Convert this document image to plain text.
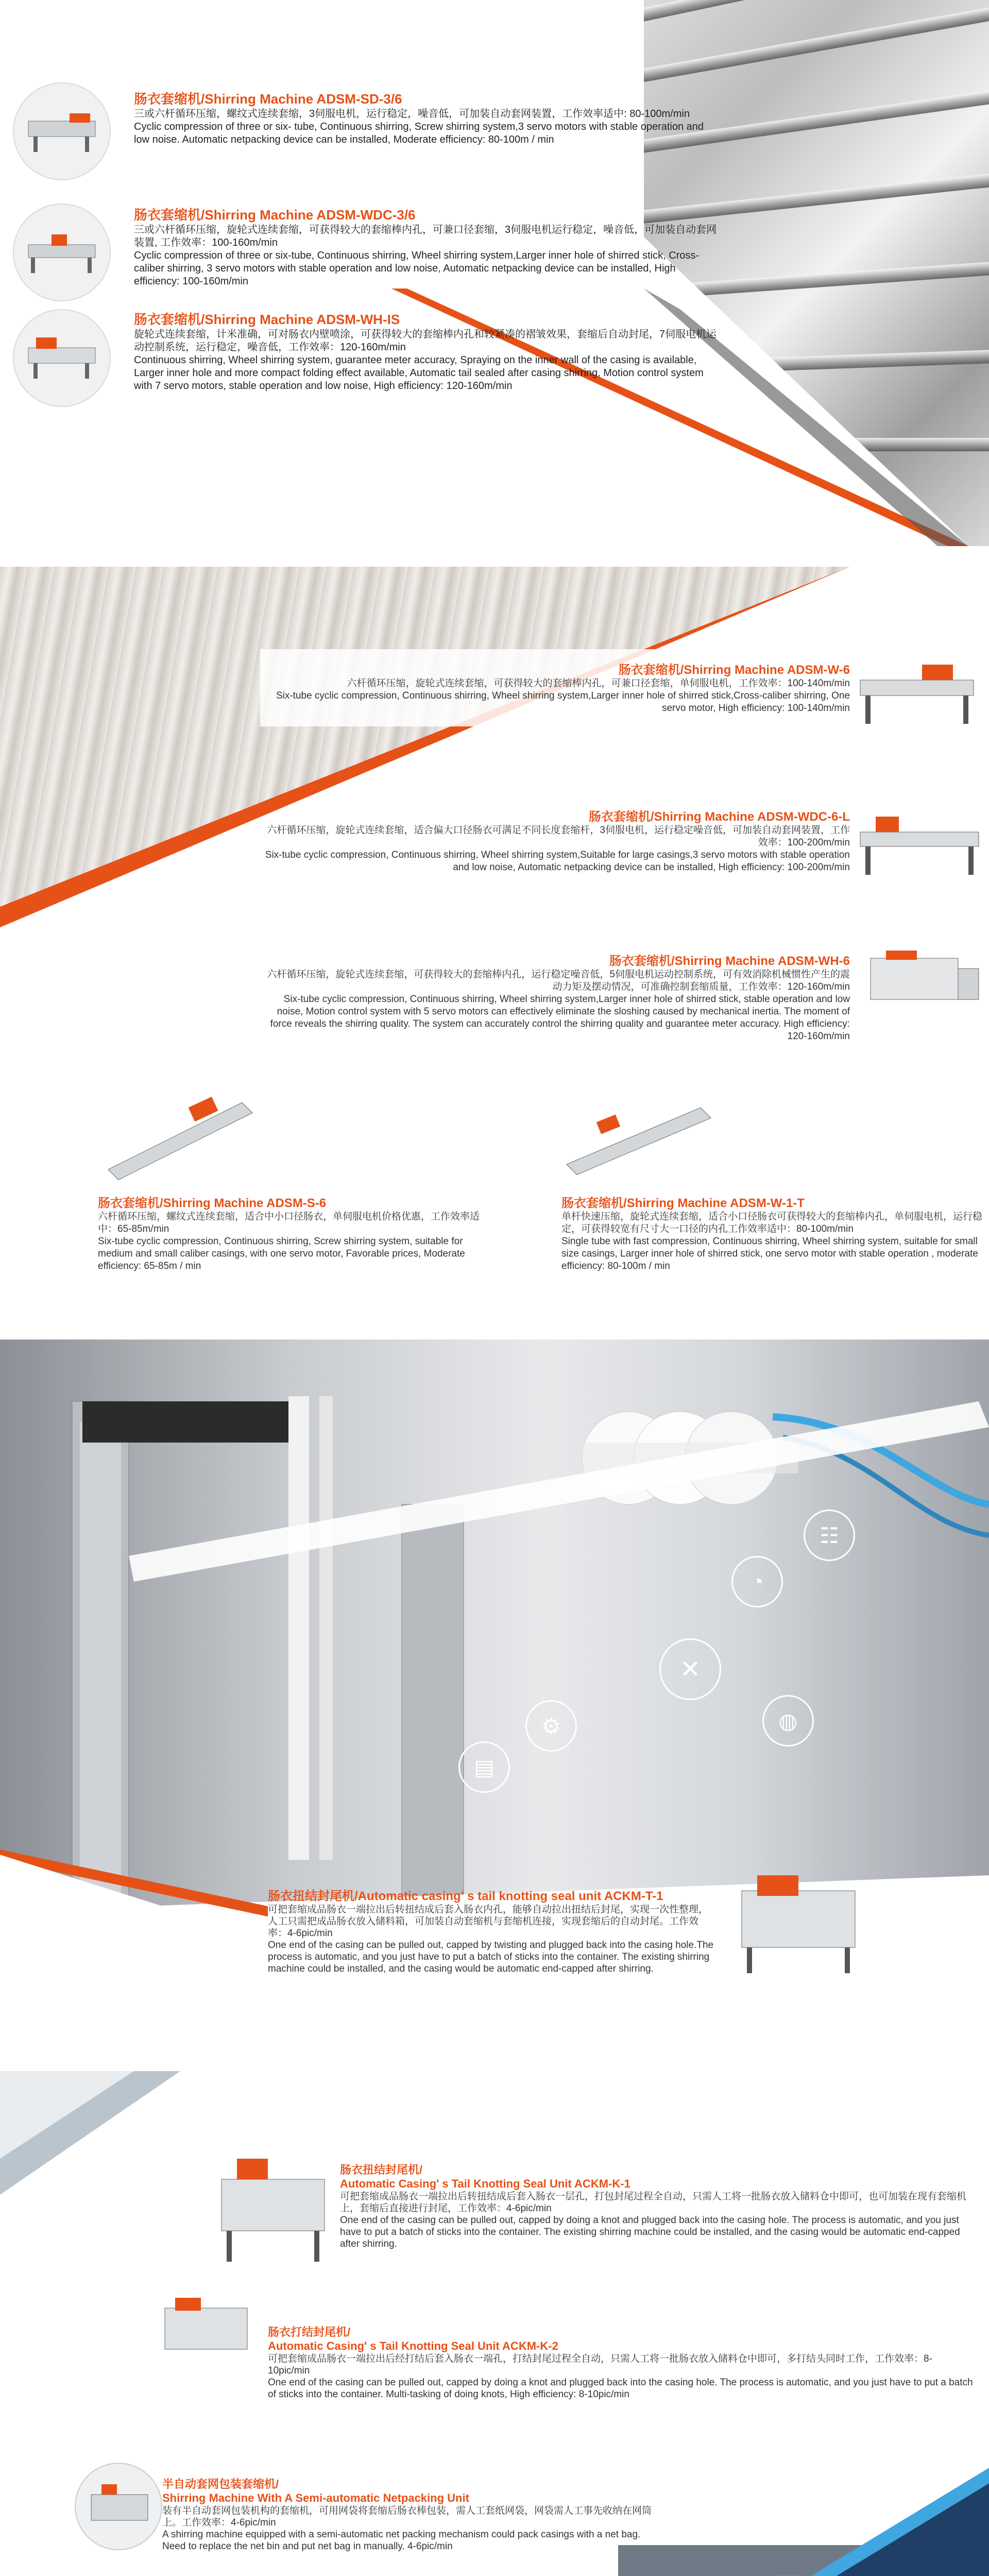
肠衣套缩机/Shirring Machine ADSM-SD-3/6
三或六杆循环压缩，螺纹式连续套缩，3伺服电机，运行稳定，噪音低，可加装自动套网装置，工作效率适中: 80-100m/min
Cyclic compression of three or six- tube, Continuous shirring, Screw shirring system,3 servo motors with stable operation and low noise. Automatic netpacking device can be installed, Moderate efficiency: 80-100m / min
肠衣套缩机/Shirring Machine ADSM-WDC-3/6
三或六杆循环压缩，旋轮式连续套缩，可获得较大的套缩棒内孔，可兼口径套缩，3伺服电机运行稳定，噪音低，可加装自动套网装置, 工作效率：100-160m/min
Cyclic compression of three or six-tube, Continuous shirring, Wheel shirring system,Larger inner hole of shirred stick, Cross-caliber shirring, 3 servo motors with stable operation and low noise, Automatic netpacking device can be installed, High efficiency: 100-160m/min
肠衣套缩机/Shirring Machine ADSM-WH-IS
旋轮式连续套缩，计米准确，可对肠衣内壁喷涂，可获得较大的套缩棒内孔和较紧凑的褶皱效果，套缩后自动封尾，7伺服电机运动控制系统，运行稳定，噪音低，工作效率：120-160m/min
Continuous shirring, Wheel shirring system, guarantee meter accuracy, Spraying on the inner wall of the casing is available, Larger inner hole and more compact folding effect available, Automatic tail sealed after casing shirring, Motion control system with 7 servo motors, stable operation and low noise, High efficiency: 120-160m/min
肠衣套缩机/Shirring Machine ADSM-W-6
六杆循环压缩，旋轮式连续套缩，可获得较大的套缩棒内孔，可兼口径套缩，单伺服电机，工作效率：100-140m/min
Six-tube cyclic compression, Continuous shirring, Wheel shirring system,Larger inner hole of shirred stick,Cross-caliber shirring, One servo motor, High efficiency: 100-140m/min
肠衣套缩机/Shirring Machine ADSM-WDC-6-L
六杆循环压缩，旋轮式连续套缩，适合偏大口径肠衣可满足不同长度套缩杆，3伺服电机，运行稳定噪音低，可加装自动套网装置，工作效率：100-200m/min
Six-tube cyclic compression, Continuous shirring, Wheel shirring system,Suitable for large casings,3 servo motors with stable operation and low noise, Automatic netpacking device can be installed, High efficiency: 100-200m/min
肠衣套缩机/Shirring Machine ADSM-WH-6
六杆循环压缩，旋轮式连续套缩，可获得较大的套缩棒内孔，运行稳定噪音低，5伺服电机运动控制系统，可有效消除机械惯性产生的震动力矩及摆动情况，可准确控制套缩质量，工作效率：120-160m/min
Six-tube cyclic compression, Continuous shirring, Wheel shirring system,Larger inner hole of shirred stick, stable operation and low noise, Motion control system with 5 servo motors can effectively eliminate the sloshing caused by mechanical inertia. The moment of force reveals the shirring quality. The system can accurately control the shirring quality and guarantee meter accuracy. High efficiency: 120-160m/min
肠衣套缩机/Shirring Machine ADSM-S-6
六杆循环压缩，螺纹式连续套缩，适合中小口径肠衣，单伺服电机价格优惠，工作效率适中：65-85m/min
Six-tube cyclic compression, Continuous shirring, Screw shirring system, suitable for medium and small caliber casings, with one servo motor, Favorable prices, Moderate efficiency: 65-85m / min
肠衣套缩机/Shirring Machine ADSM-W-1-T
单杆快速压缩，旋轮式连续套缩，适合小口径肠衣可获得较大的套缩棒内孔，单伺服电机，运行稳定，可获得较宽有尺寸大一口径的内孔工作效率适中：80-100m/min
Single tube with fast compression, Continuous shirring, Wheel shirring system, suitable for small size casings, Larger inner hole of shirred stick, one servo motor with stable operation , moderate efficiency: 80-100m / min
☷
◔
✕
⚙
▤
◍
肠衣扭结封尾机/Automatic casing' s tail knotting seal unit ACKM-T-1
可把套缩成品肠衣一端拉出后转扭结成后套入肠衣内孔，能够自动拉出扭结后封尾，实现一次性整理，人工只需把成品肠衣放入储料箱，可加装自动套缩机与套缩机连接，实现套缩后的自动封尾。工作效率：4-6pic/min
One end of the casing can be pulled out, capped by twisting and plugged back into the casing hole.The process is automatic, and you just have to put a batch of sticks into the container. The existing shirring machine could be installed, and the casing would be automatic end-capped after shirring.
肠衣扭结封尾机/
Automatic Casing' s Tail Knotting Seal Unit ACKM-K-1
可把套缩成品肠衣一端拉出后转扭结成后套入肠衣一层孔，打包封尾过程全自动，只需人工将一批肠衣放入储料仓中即可，也可加装在现有套缩机上，套缩后直接进行封尾，工作效率：4-6pic/min
One end of the casing can be pulled out, capped by doing a knot and plugged back into the casing hole. The process is automatic, and you just have to put a batch of sticks into the container. The existing shirring machine could be installed, and the casing would be automatic end-capped after shirring.
肠衣打结封尾机/
Automatic Casing' s Tail Knotting Seal Unit ACKM-K-2
可把套缩成品肠衣一端拉出后经打结后套入肠衣一端孔，打结封尾过程全自动，只需人工将一批肠衣放入储料仓中即可，多打结头同时工作，工作效率：8-10pic/min
One end of the casing can be pulled out, capped by doing a knot and plugged back into the casing hole. The process is automatic, and you just have to put a batch of sticks into the container. Multi-tasking of doing knots, High efficiency: 8-10pic/min
半自动套网包装套缩机/
Shirring Machine With A Semi-automatic Netpacking Unit
装有半自动套网包装机构的套缩机，可用网袋将套缩后肠衣棒包装，需人工套纸网袋，网袋需人工事先收纳在网筒上。工作效率：4-6pic/min
A shirring machine equipped with a semi-automatic net packing mechanism could pack casings with a net bag. Need to replace the net bin and put net bag in manually. 4-6pic/min
